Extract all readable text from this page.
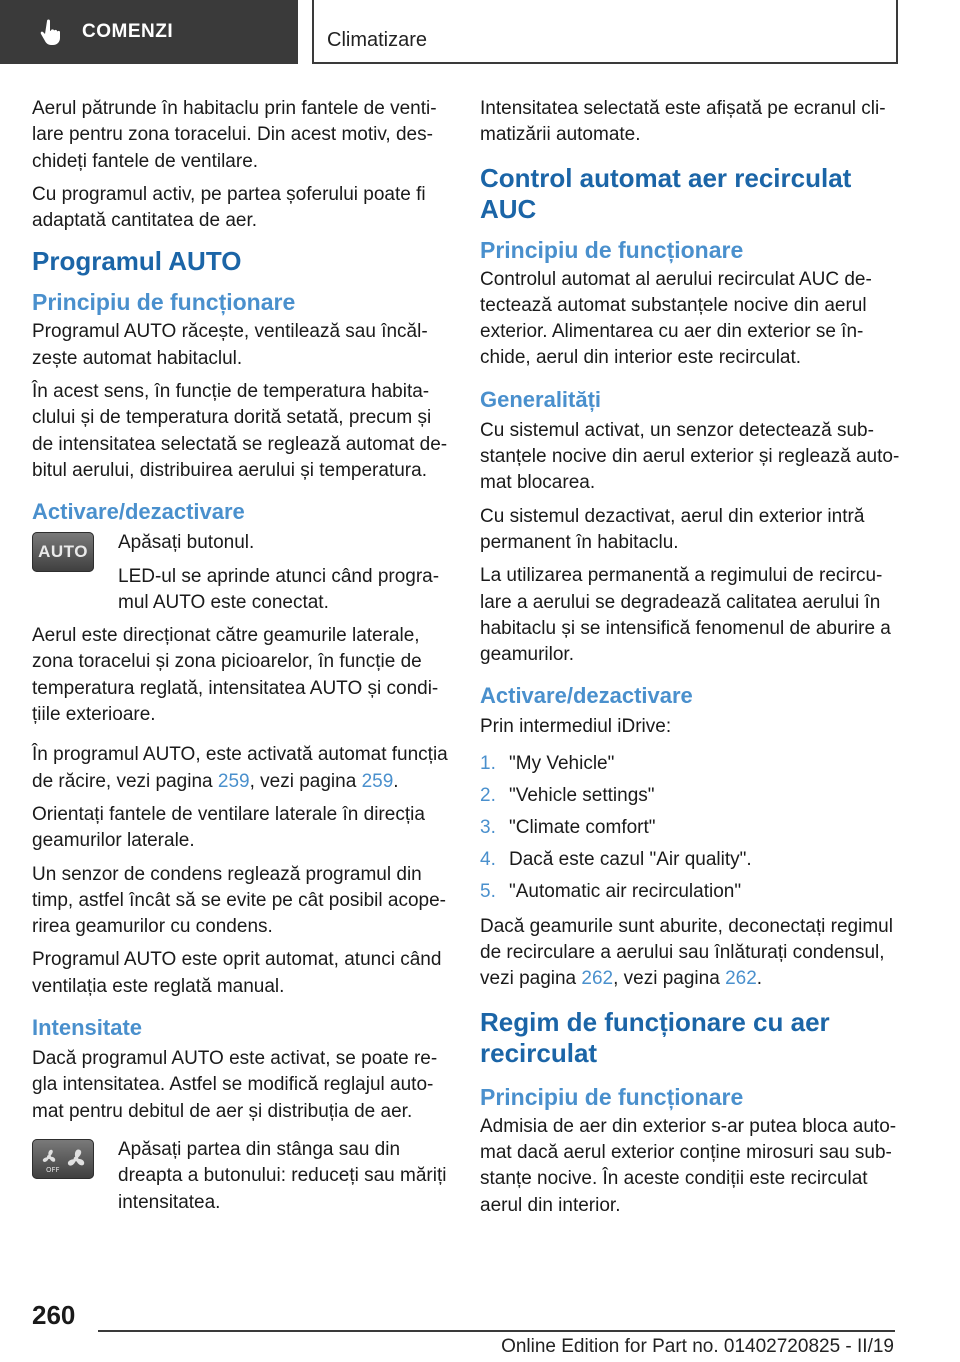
COMENZI	Climatizare

Aerul pătrunde în habitaclu prin fantele de ventilare pentru zona toracelui. Din acest motiv, deschideți fantele de ventilare.

Cu programul activ, pe partea șoferului poate fi adaptată cantitatea de aer.

Programul AUTO
Principiu de funcționare

Programul AUTO răcește, ventilează sau încălzește automat habitaclul.

În acest sens, în funcție de temperatura habitaclului și de temperatura dorită setată, precum și de intensitatea selectată se reglează automat debitul aerului, distribuirea aerului și temperatura.

Activare/dezactivare
AUTO	Apăsați butonul.

LED-ul se aprinde atunci când programul AUTO este conectat.

Aerul este direcționat către geamurile laterale, zona toracelui și zona picioarelor, în funcție de temperatura reglată, intensitatea AUTO și condițiile exterioare.

În programul AUTO, este activată automat funcția de răcire, vezi pagina 259, vezi pagina 259.

Orientați fantele de ventilare laterale în direcția geamurilor laterale.

Un senzor de condens reglează programul din timp, astfel încât să se evite pe cât posibil acoperirea geamurilor cu condens.

Programul AUTO este oprit automat, atunci când ventilația este reglată manual.

Intensitate

Dacă programul AUTO este activat, se poate regla intensitatea. Astfel se modifică reglajul automat pentru debitul de aer și distribuția de aer.

OFF

Apăsați partea din stânga sau din dreapta a butonului: reduceți sau măriți intensitatea.

Intensitatea selectată este afișată pe ecranul climatizării automate.

Control automat aer recirculat AUC
Principiu de funcționare

Controlul automat al aerului recirculat AUC detectează automat substanțele nocive din aerul exterior. Alimentarea cu aer din exterior se închide, aerul din interior este recirculat.

Generalități

Cu sistemul activat, un senzor detectează substanțele nocive din aerul exterior și reglează automat blocarea.

Cu sistemul dezactivat, aerul din exterior intră permanent în habitaclu.

La utilizarea permanentă a regimului de recirculare a aerului se degradează calitatea aerului în habitaclu și se intensifică fenomenul de aburire a geamurilor.

Activare/dezactivare

Prin intermediul iDrive:

1. "My Vehicle"
2. "Vehicle settings"
3. "Climate comfort"
4. Dacă este cazul "Air quality".
5. "Automatic air recirculation"

Dacă geamurile sunt aburite, deconectați regimul de recirculare a aerului sau înlăturați condensul, vezi pagina 262, vezi pagina 262.

Regim de funcționare cu aer recirculat
Principiu de funcționare

Admisia de aer din exterior s-ar putea bloca automat dacă aerul exterior conține mirosuri sau substanțe nocive. În aceste condiții este recirculat aerul din interior.

260
Online Edition for Part no. 01402720825 - II/19
